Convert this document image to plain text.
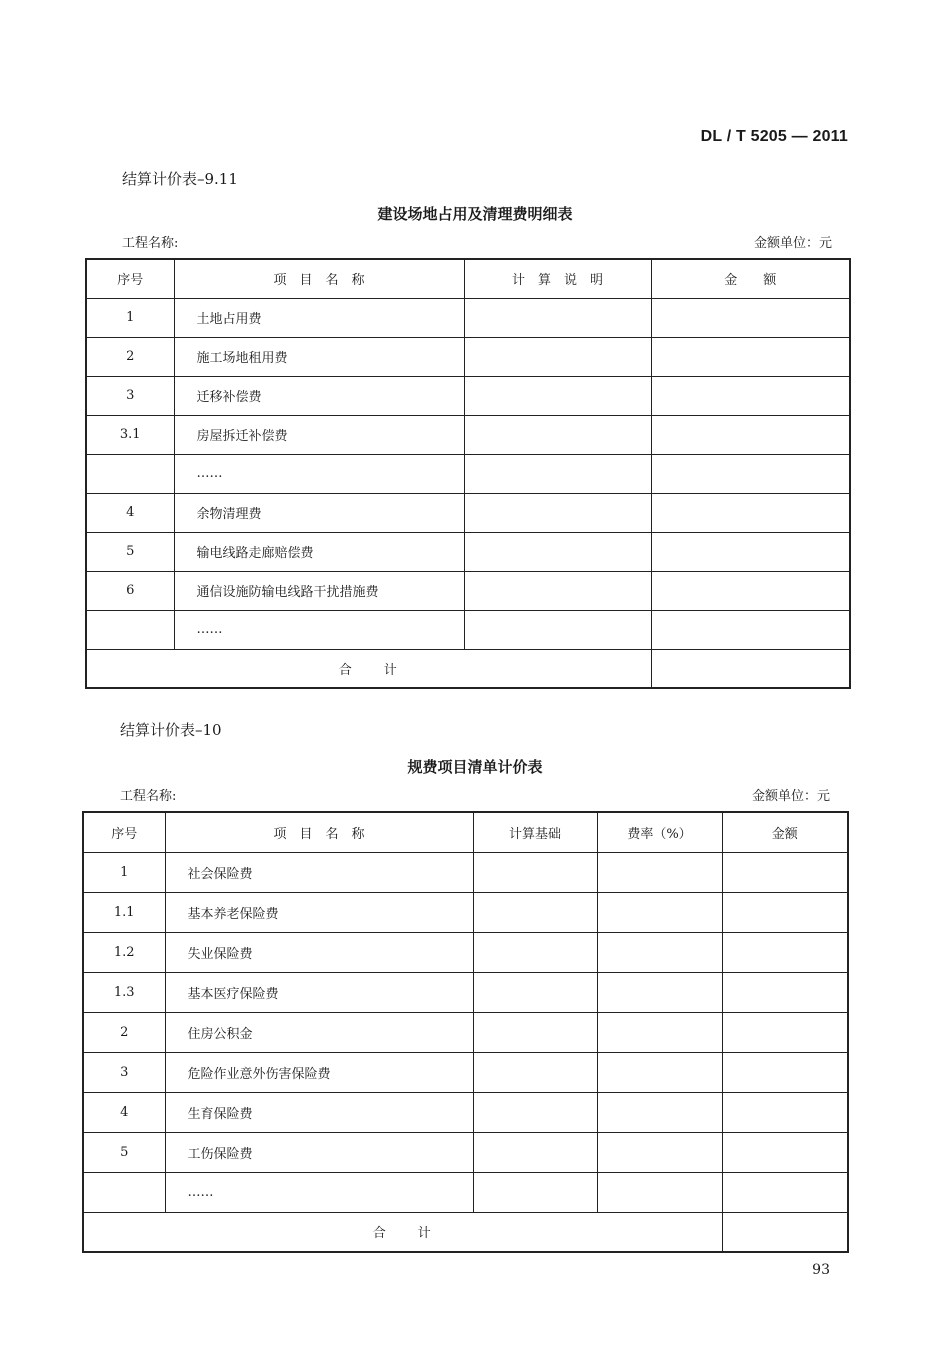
DL / T 5205 — 2011
结算计价表–9.11
建设场地占用及清理费明细表
工程名称:	金额单位：元
序号	项　目　名　称	计　算　说　明	金　　额
1	土地占用费		
2	施工场地租用费		
3	迁移补偿费		
3.1	房屋拆迁补偿费		
	……		
4	余物清理费		
5	输电线路走廊赔偿费		
6	通信设施防输电线路干扰措施费		
	……		
合　　计			
结算计价表–10
规费项目清单计价表
工程名称:	金额单位：元
序号	项　目　名　称	计算基础	费率（%）	金额
1	社会保险费			
1.1	基本养老保险费			
1.2	失业保险费			
1.3	基本医疗保险费			
2	住房公积金			
3	危险作业意外伤害保险费			
4	生育保险费			
5	工伤保险费			
	……			
合　　计				
93
